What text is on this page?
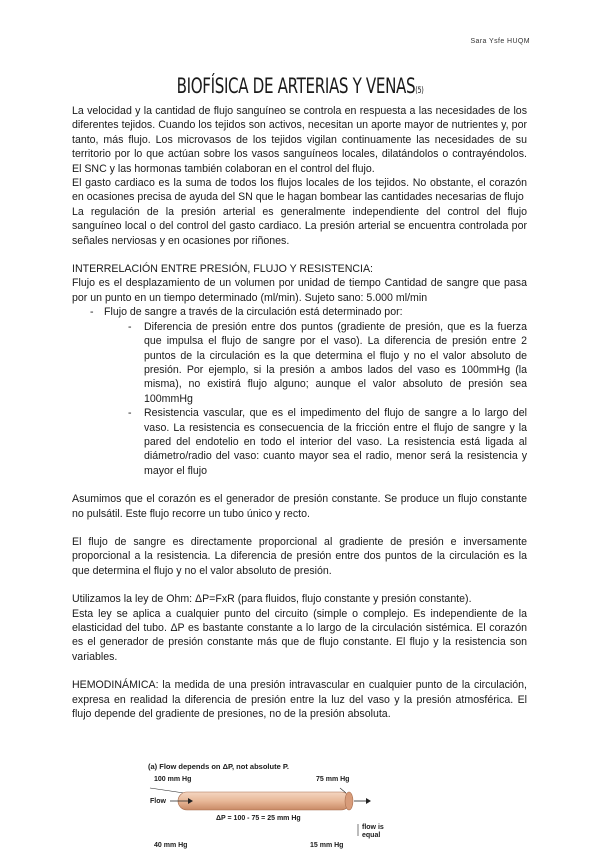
Sara Ysfe HUQM
BIOFÍSICA DE ARTERIAS Y VENAS(5)

La velocidad y la cantidad de flujo sanguíneo se controla en respuesta a las necesidades de los diferentes tejidos. Cuando los tejidos son activos, necesitan un aporte mayor de nutrientes y, por tanto, más flujo. Los microvasos de los tejidos vigilan continuamente las necesidades de su territorio por lo que actúan sobre los vasos sanguíneos locales, dilatándolos o contrayéndolos. El SNC y las hormonas también colaboran en el control del flujo.

El gasto cardiaco es la suma de todos los flujos locales de los tejidos. No obstante, el corazón en ocasiones precisa de ayuda del SN que le hagan bombear las cantidades necesarias de flujo

La regulación de la presión arterial es generalmente independiente del control del flujo sanguíneo local o del control del gasto cardiaco. La presión arterial se encuentra controlada por señales nerviosas y en ocasiones por riñones.

INTERRELACIÓN ENTRE PRESIÓN, FLUJO Y RESISTENCIA:

Flujo es el desplazamiento de un volumen por unidad de tiempo Cantidad de sangre que pasa por un punto en un tiempo determinado (ml/min). Sujeto sano: 5.000 ml/min

- Flujo de sangre a través de la circulación está determinado por:
- Diferencia de presión entre dos puntos (gradiente de presión, que es la fuerza que impulsa el flujo de sangre por el vaso). La diferencia de presión entre 2 puntos de la circulación es la que determina el flujo y no el valor absoluto de presión. Por ejemplo, si la presión a ambos lados del vaso es 100mmHg (la misma), no existirá flujo alguno; aunque el valor absoluto de presión sea 100mmHg
- Resistencia vascular, que es el impedimento del flujo de sangre a lo largo del vaso. La resistencia es consecuencia de la fricción entre el flujo de sangre y la pared del endotelio en todo el interior del vaso. La resistencia está ligada al diámetro/radio del vaso: cuanto mayor sea el radio, menor será la resistencia y mayor el flujo

Asumimos que el corazón es el generador de presión constante. Se produce un flujo constante no pulsátil. Este flujo recorre un tubo único y recto.

El flujo de sangre es directamente proporcional al gradiente de presión e inversamente proporcional a la resistencia. La diferencia de presión entre dos puntos de la circulación es la que determina el flujo y no el valor absoluto de presión.

Utilizamos la ley de Ohm: ΔP=FxR (para fluidos, flujo constante y presión constante).

Esta ley se aplica a cualquier punto del circuito (simple o complejo. Es independiente de la elasticidad del tubo. ΔP es bastante constante a lo largo de la circulación sistémica. El corazón es el generador de presión constante más que de flujo constante. El flujo y la resistencia son variables.

HEMODINÁMICA: la medida de una presión intravascular en cualquier punto de la circulación, expresa en realidad la diferencia de presión entre la luz del vaso y la presión atmosférica. El flujo depende del gradiente de presiones, no de la presión absoluta.

(a) Flow depends on ΔP, not absolute P.
100 mm Hg	75 mm Hg
Flow
ΔP = 100 - 75 = 25 mm Hg
flow is
equal
40 mm Hg	15 mm Hg
